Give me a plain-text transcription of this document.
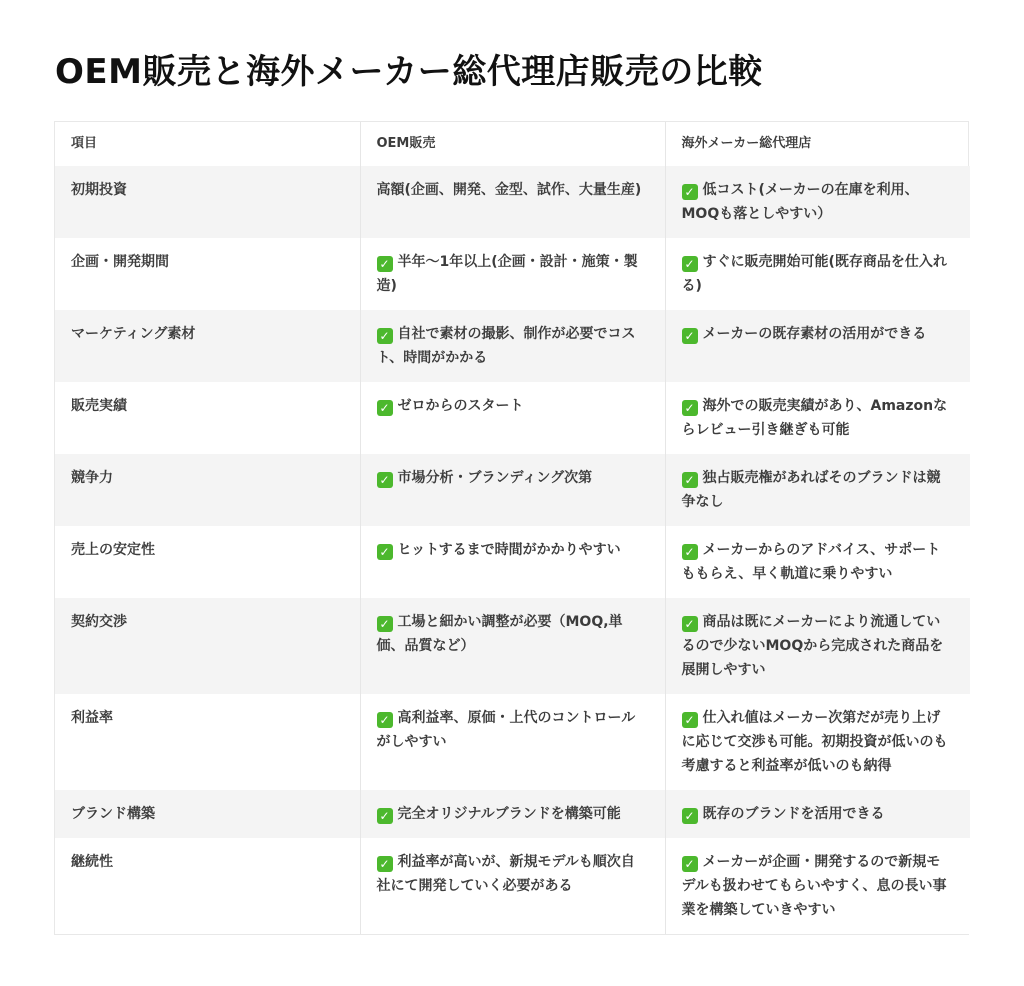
OEM販売と海外メーカー総代理店販売の比較
項目	OEM販売	海外メーカー総代理店
初期投資	高額(企画、開発、金型、試作、大量生産)	✓ 低コスト(メーカーの在庫を利用、MOQも落としやすい）
企画・開発期間	✓ 半年〜1年以上(企画・設計・施策・製造)	✓ すぐに販売開始可能(既存商品を仕入れる)
マーケティング素材	✓ 自社で素材の撮影、制作が必要でコスト、時間がかかる	✓ メーカーの既存素材の活用ができる
販売実績	✓ ゼロからのスタート	✓ 海外での販売実績があり、Amazonならレビュー引き継ぎも可能
競争力	✓ 市場分析・ブランディング次第	✓ 独占販売権があればそのブランドは競争なし
売上の安定性	✓ ヒットするまで時間がかかりやすい	✓ メーカーからのアドバイス、サポートももらえ、早く軌道に乗りやすい
契約交渉	✓ 工場と細かい調整が必要（MOQ,単価、品質など）	✓ 商品は既にメーカーにより流通しているので少ないMOQから完成された商品を展開しやすい
利益率	✓ 高利益率、原価・上代のコントロールがしやすい	✓ 仕入れ値はメーカー次第だが売り上げに応じて交渉も可能。初期投資が低いのも考慮すると利益率が低いのも納得
ブランド構築	✓ 完全オリジナルブランドを構築可能	✓ 既存のブランドを活用できる
継続性	✓ 利益率が高いが、新規モデルも順次自社にて開発していく必要がある	✓ メーカーが企画・開発するので新規モデルも扱わせてもらいやすく、息の長い事業を構築していきやすい
